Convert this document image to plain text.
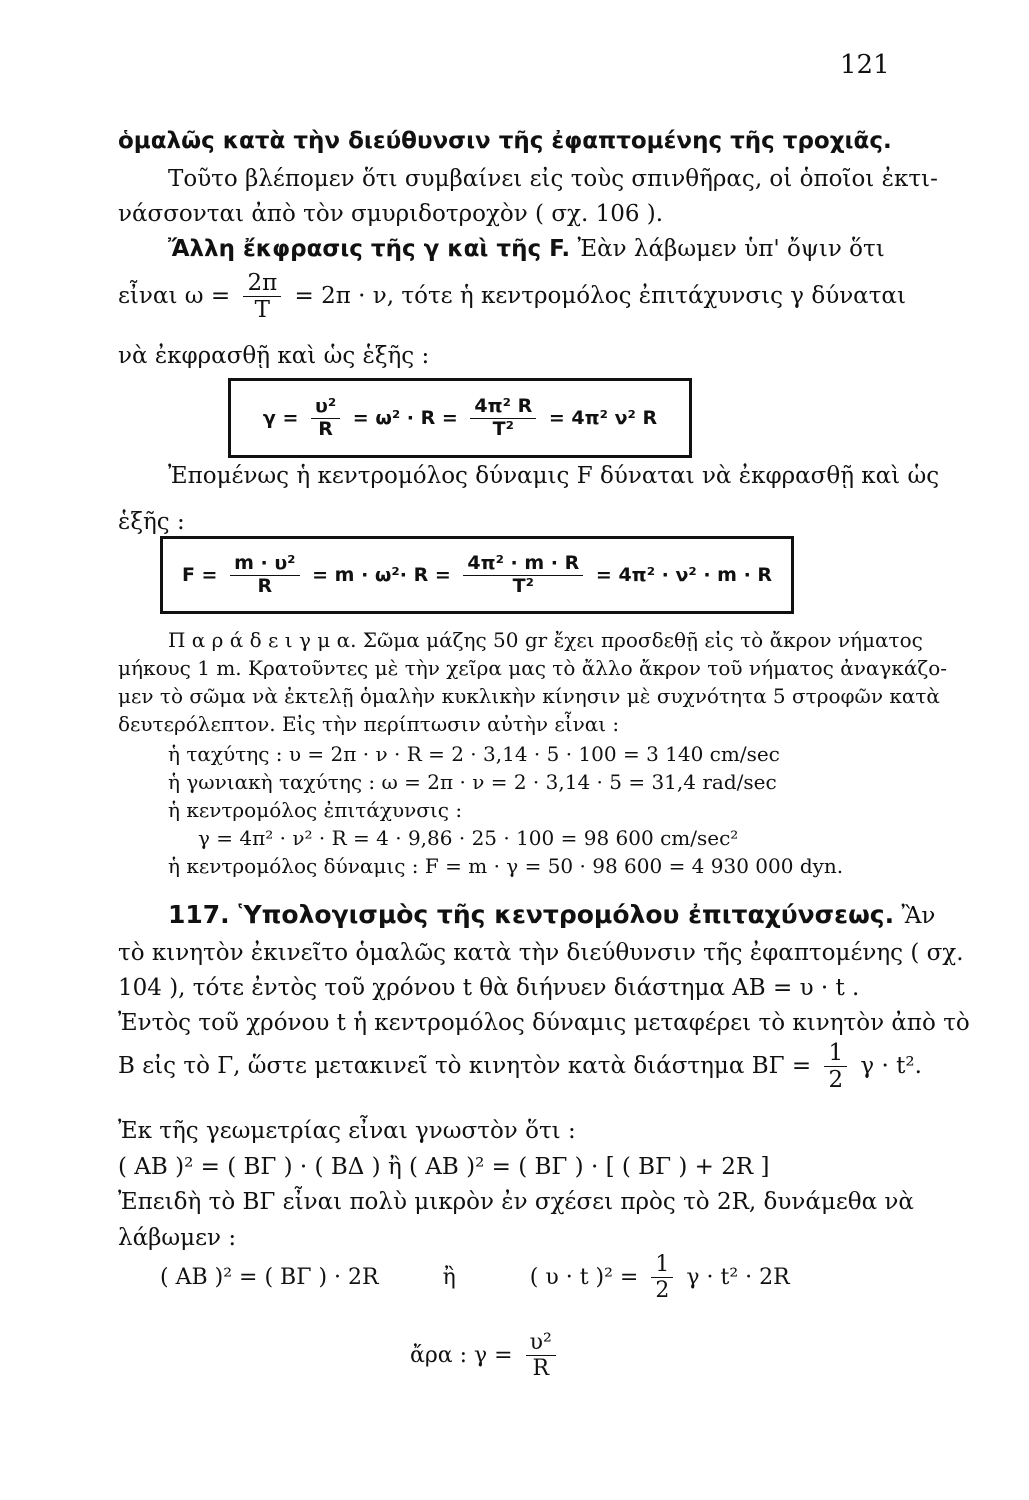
121
ὁμαλῶς κατὰ τὴν διεύθυνσιν τῆς ἐφαπτομένης τῆς τροχιᾶς.
Τοῦτο βλέπομεν ὅτι συμβαίνει εἰς τοὺς σπινθῆρας, οἱ ὁποῖοι ἐκτι-
νάσσονται ἀπὸ τὸν σμυριδοτροχὸν ( σχ. 106 ).
Ἄλλη ἔκφρασις τῆς γ καὶ τῆς F. Ἐὰν λάβωμεν ὑπ' ὄψιν ὅτι
εἶναι $\omega = \frac{2\pi}{T} = 2\pi \cdot \nu$, τότε ἡ κεντρομόλος ἐπιτάχυνσις γ δύναται
νὰ ἐκφρασθῇ καὶ ὡς ἑξῆς :
$\gamma = \frac{\text{υ²}}{R} = \omega^2 \cdot R = \frac{\text{4π² R}}{\text{T²}} = 4\pi^2$ ν² R
Ἐπομένως ἡ κεντρομόλος δύναμις F δύναται νὰ ἐκφρασθῇ καὶ ὡς
ἑξῆς :
$F = \frac{\text{m · υ²}}{R} = m \cdot \omega^2\cdot R = \frac{\text{4π² · m · R}}{\text{T²}} = 4\pi^2 \cdot \nu^2 \cdot m \cdot R$
Π α ρ ά δ ε ι γ μ α. Σῶμα μάζης 50 gr ἔχει προσδεθῇ εἰς τὸ ἄκρον νήματος
μήκους 1 m. Κρατοῦντες μὲ τὴν χεῖρα μας τὸ ἄλλο ἄκρον τοῦ νήματος ἀναγκάζο-
μεν τὸ σῶμα νὰ ἐκτελῇ ὁμαλὴν κυκλικὴν κίνησιν μὲ συχνότητα 5 στροφῶν κατὰ
δευτερόλεπτον. Εἰς τὴν περίπτωσιν αὐτὴν εἶναι :
ἡ ταχύτης : υ = 2π · ν · R = 2 · 3,14 · 5 · 100 = 3 140 cm/sec
ἡ γωνιακὴ ταχύτης : ω = 2π · ν = 2 · 3,14 · 5 = 31,4 rad/sec
ἡ κεντρομόλος ἐπιτάχυνσις :
γ = 4π² · ν² · R = 4 · 9,86 · 25 · 100 = 98 600 cm/sec²
ἡ κεντρομόλος δύναμις : F = m · γ = 50 · 98 600 = 4 930 000 dyn.
117. Ὑπολογισμὸς τῆς κεντρομόλου ἐπιταχύνσεως. Ἂν
τὸ κινητὸν ἐκινεῖτο ὁμαλῶς κατὰ τὴν διεύθυνσιν τῆς ἐφαπτομένης ( σχ.
104 ), τότε ἐντὸς τοῦ χρόνου t θὰ διήνυεν διάστημα AB = υ · t .
Ἐντὸς τοῦ χρόνου t ἡ κεντρομόλος δύναμις μεταφέρει τὸ κινητὸν ἀπὸ τὸ
Β εἰς τὸ Γ, ὥστε μετακινεῖ τὸ κινητὸν κατὰ διάστημα $B\Gamma = \frac{1}{2}$ γ · t².
Ἐκ τῆς γεωμετρίας εἶναι γνωστὸν ὅτι :
( AB )² = ( ΒΓ ) · ( ΒΔ ) ἢ ( AB )² = ( ΒΓ ) · [ ( ΒΓ ) + 2R ]
Ἐπειδὴ τὸ ΒΓ εἶναι πολὺ μικρὸν ἐν σχέσει πρὸς τὸ 2R, δυνάμεθα νὰ
λάβωμεν :
( AB )² = ( ΒΓ ) · 2R	ἢ	( υ · t )$^2 = \frac{1}{2}$ γ · t² · 2R
ἄρα : $\gamma = \frac{\text{υ²}}{R}$
